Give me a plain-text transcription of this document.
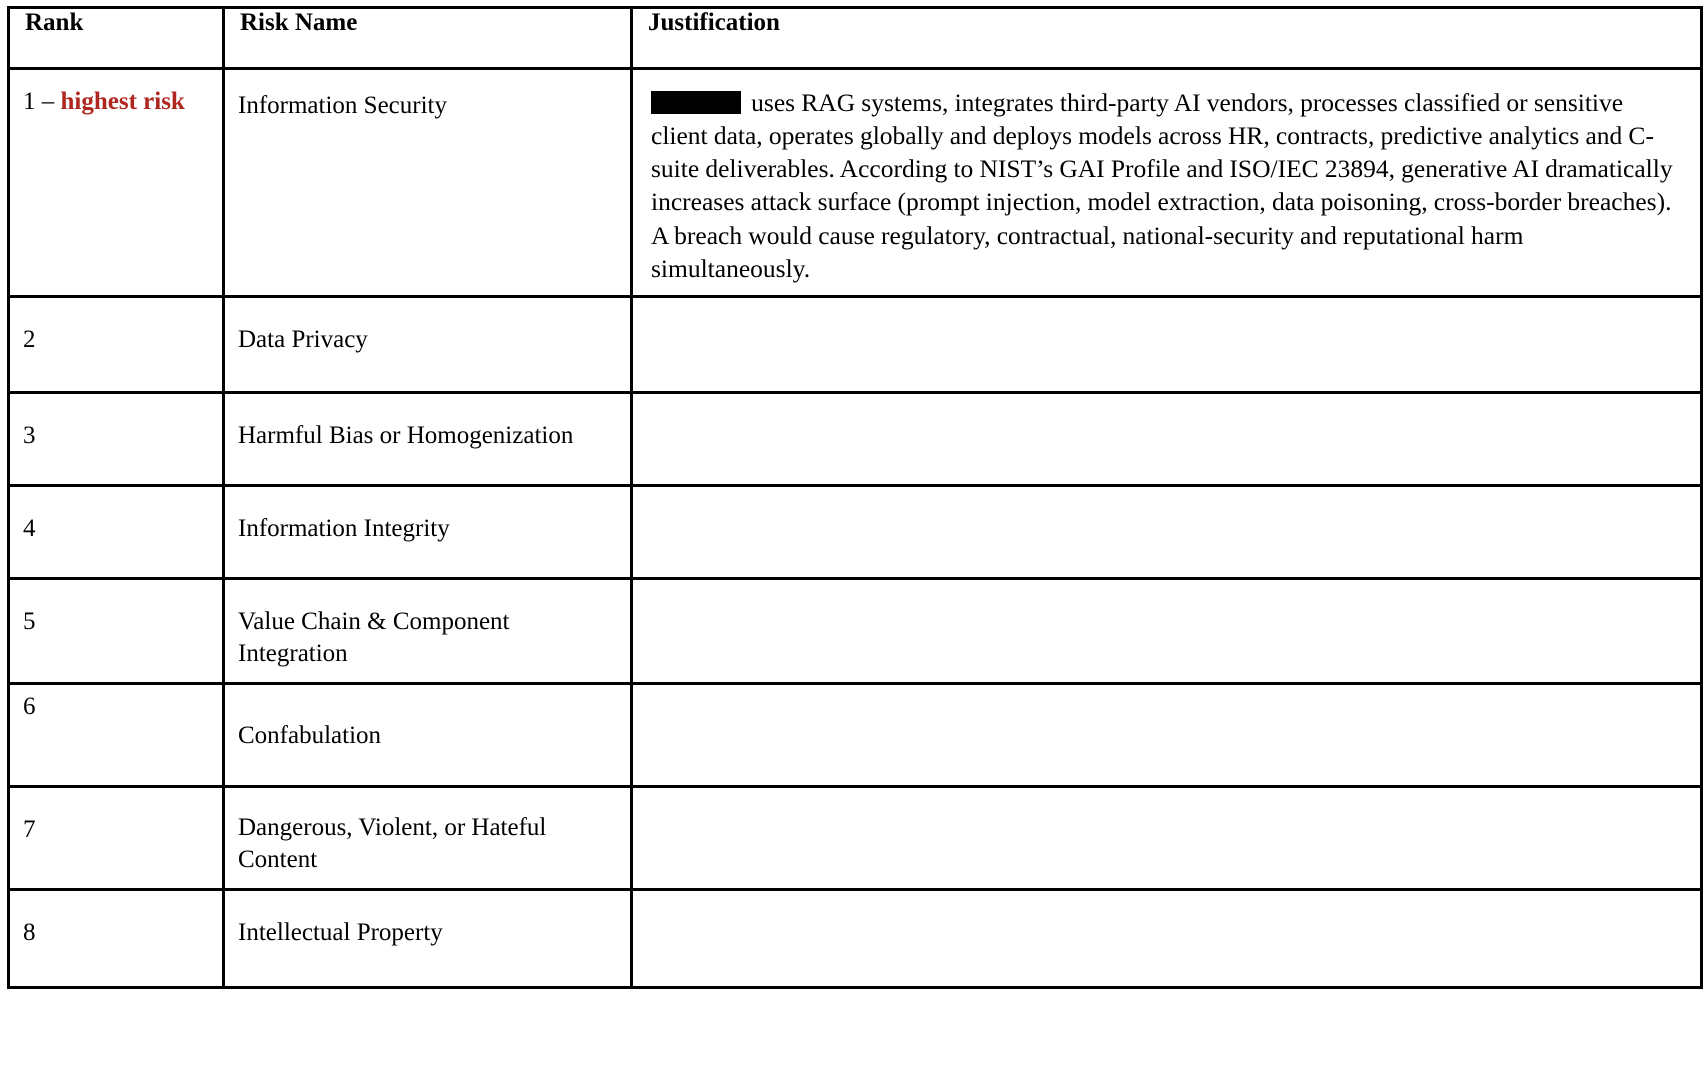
Rank	Risk Name	Justification

1 – highest risk	Information Security	uses RAG systems, integrates third-party AI vendors, processes classified or sensitive client data, operates globally and deploys models across HR, contracts, predictive analytics and C-suite deliverables. According to NIST’s GAI Profile and ISO/IEC 23894, generative AI dramatically increases attack surface (prompt injection, model extraction, data poisoning, cross-border breaches). A breach would cause regulatory, contractual, national-security and reputational harm simultaneously.

2	Data Privacy	

3	Harmful Bias or Homogenization	

4	Information Integrity	

5	Value Chain & Component Integration	

6	Confabulation	

7	Dangerous, Violent, or Hateful Content	

8	Intellectual Property	
